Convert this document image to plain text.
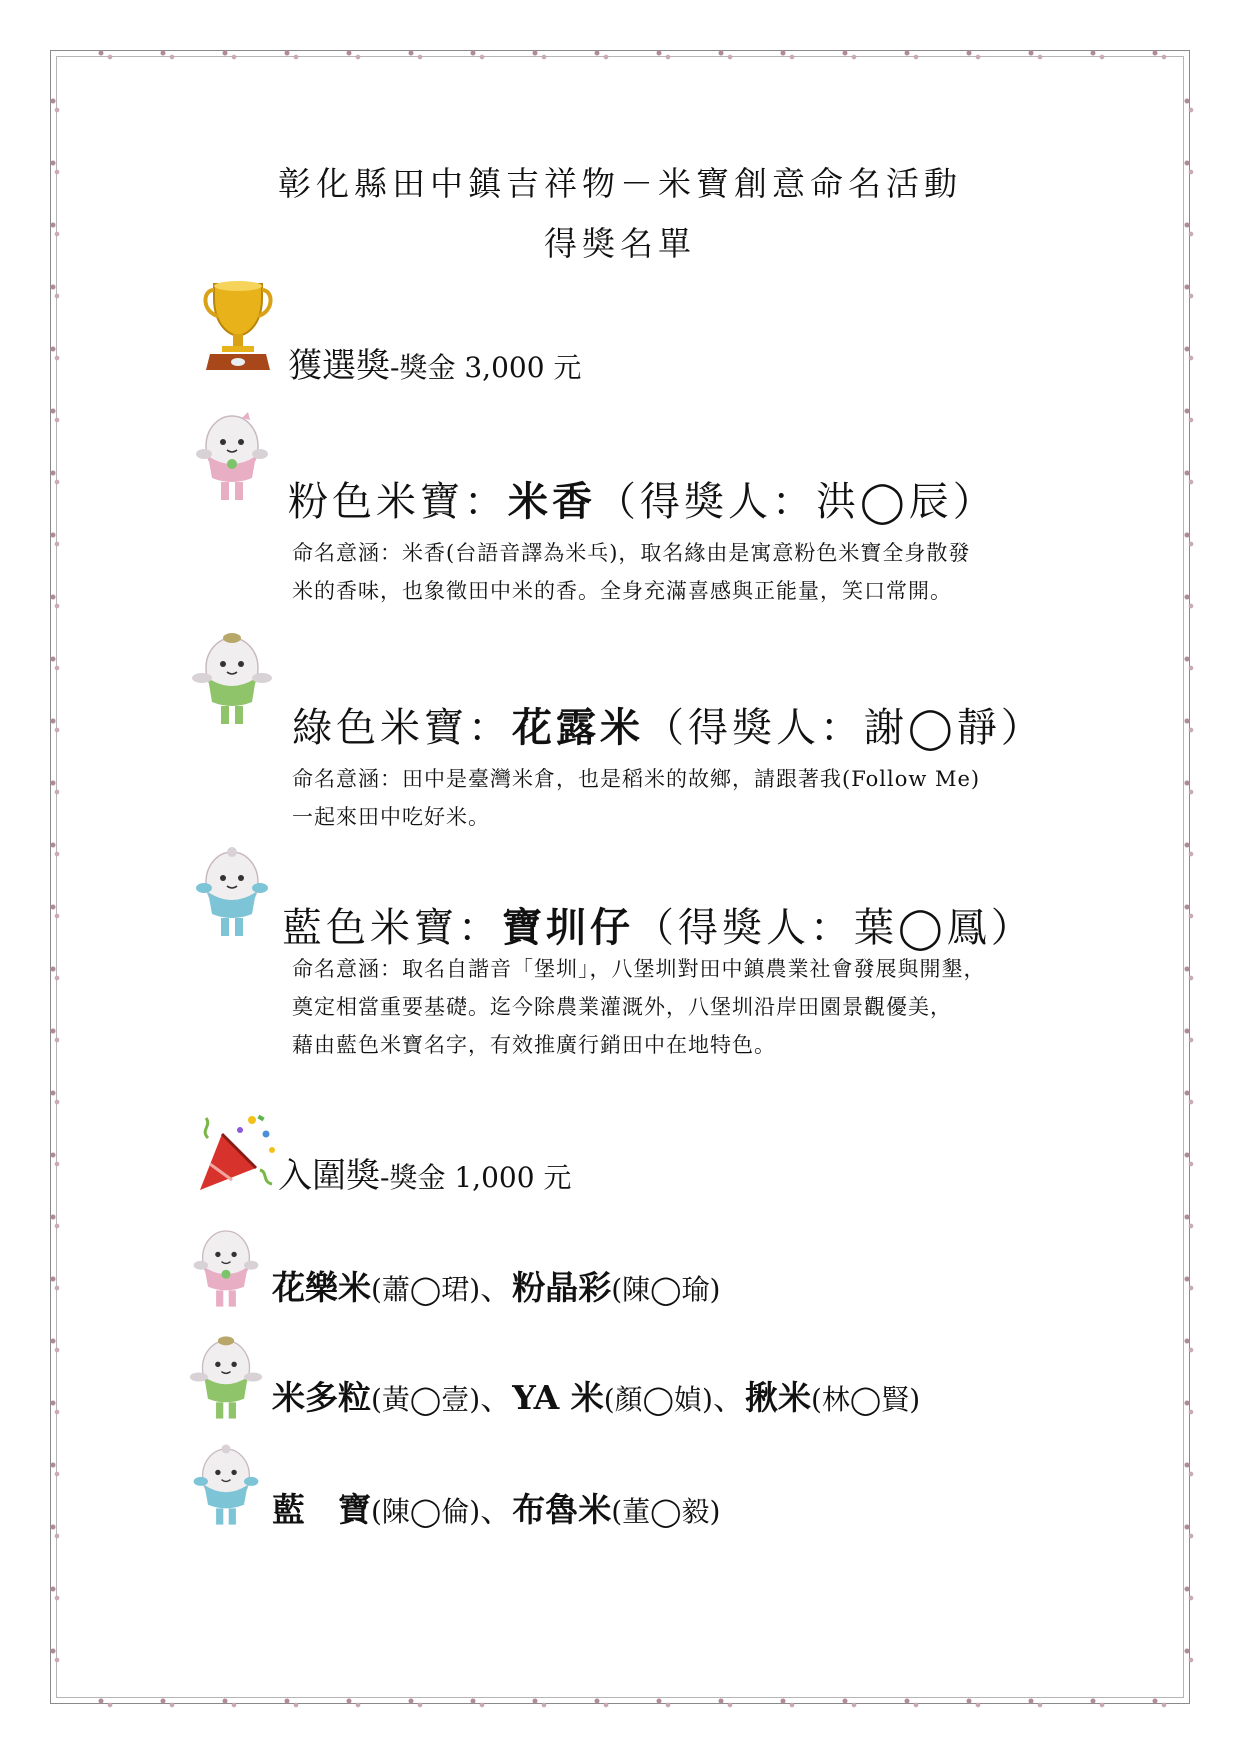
彰化縣田中鎮吉祥物－米寶創意命名活動
得獎名單
獲選獎-獎金 3,000 元
粉色米寶：米香（得獎人：洪◯辰）
命名意涵：米香(台語音譯為米乓)，取名緣由是寓意粉色米寶全身散發
米的香味，也象徵田中米的香。全身充滿喜感與正能量，笑口常開。
綠色米寶：花露米（得獎人：謝◯靜）
命名意涵：田中是臺灣米倉，也是稻米的故鄉，請跟著我(Follow Me)
一起來田中吃好米。
藍色米寶：寶圳仔（得獎人：葉◯鳳）
命名意涵：取名自諧音「堡圳」，八堡圳對田中鎮農業社會發展與開墾，
奠定相當重要基礎。迄今除農業灌溉外，八堡圳沿岸田園景觀優美，
藉由藍色米寶名字，有效推廣行銷田中在地特色。
入圍獎-獎金 1,000 元
花樂米(蕭◯珺)、粉晶彩(陳◯瑜)
米多粒(黃◯壹)、YA 米(顏◯媜)、揪米(林◯賢)
藍　寶(陳◯倫)、布魯米(董◯毅)
